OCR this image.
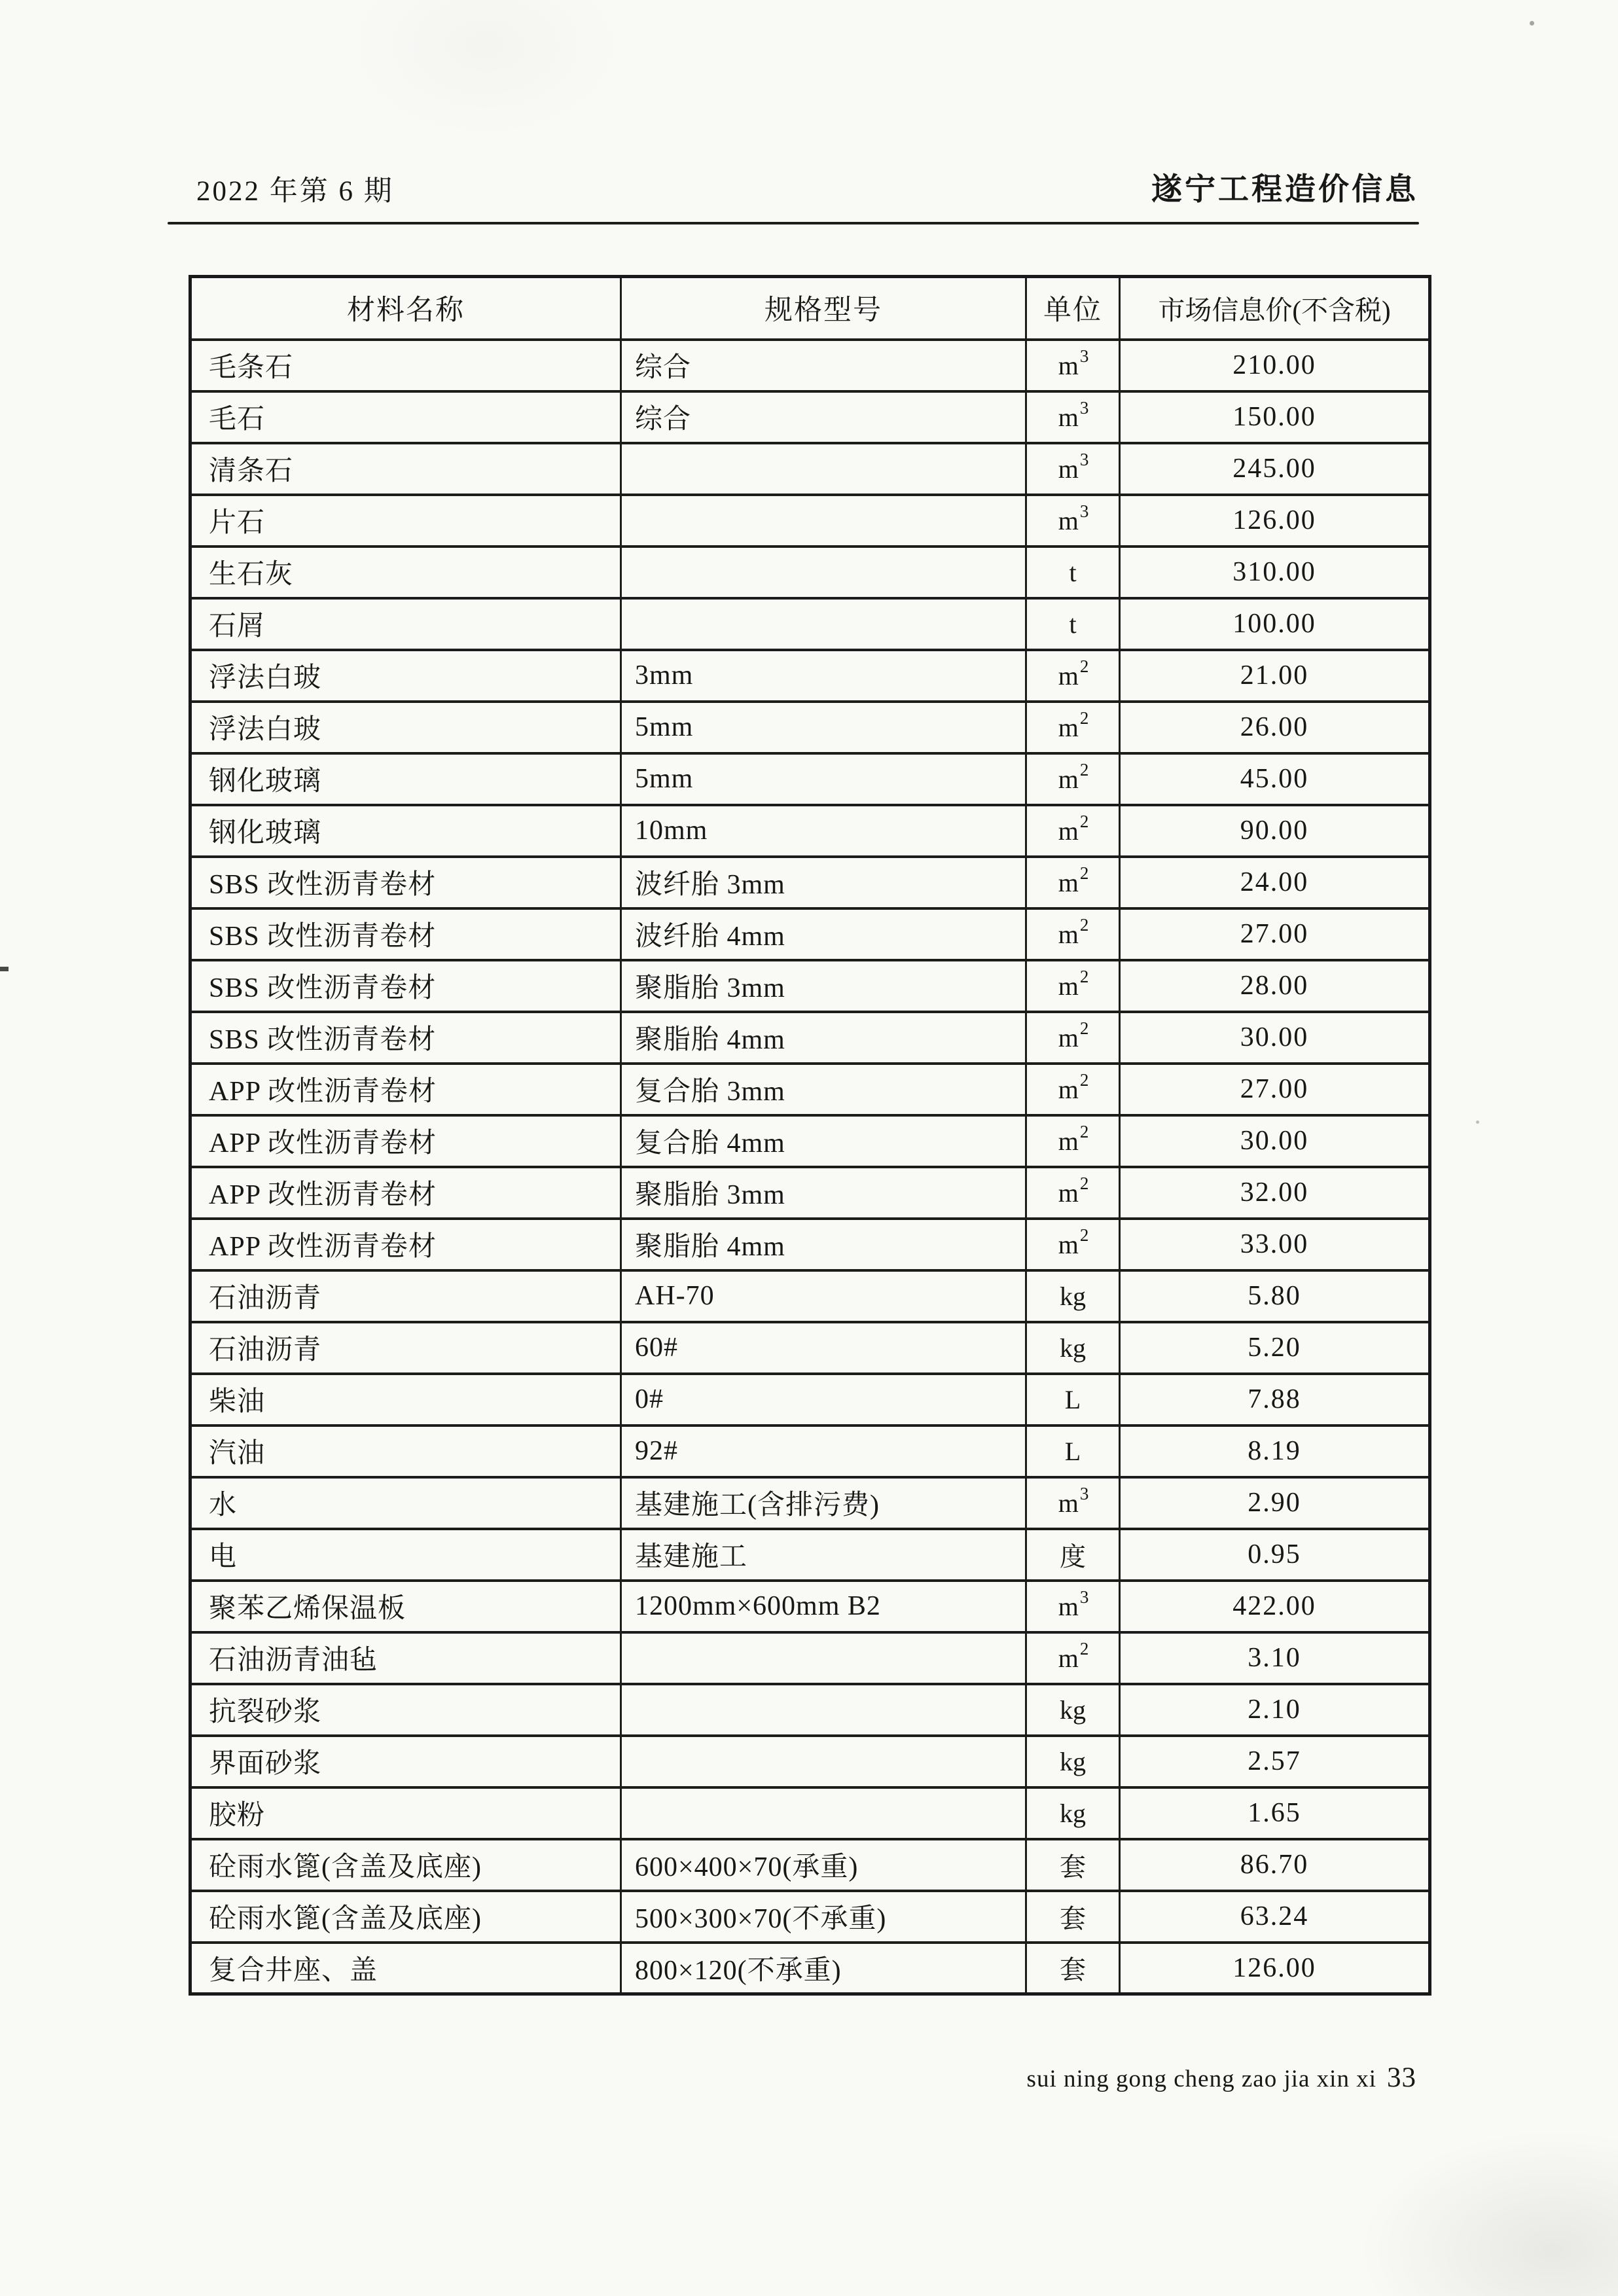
2022 年第 6 期	遂宁工程造价信息
材料名称	规格型号	单位	市场信息价(不含税)
毛条石	综合	$m^3$	210.00
毛石	综合	$m^3$	150.00
清条石		$m^3$	245.00
片石		$m^3$	126.00
生石灰		t	310.00
石屑		t	100.00
浮法白玻	3mm	$m^2$	21.00
浮法白玻	5mm	$m^2$	26.00
钢化玻璃	5mm	$m^2$	45.00
钢化玻璃	10mm	$m^2$	90.00
SBS 改性沥青卷材	波纤胎 3mm	$m^2$	24.00
SBS 改性沥青卷材	波纤胎 4mm	$m^2$	27.00
SBS 改性沥青卷材	聚脂胎 3mm	$m^2$	28.00
SBS 改性沥青卷材	聚脂胎 4mm	$m^2$	30.00
APP 改性沥青卷材	复合胎 3mm	$m^2$	27.00
APP 改性沥青卷材	复合胎 4mm	$m^2$	30.00
APP 改性沥青卷材	聚脂胎 3mm	$m^2$	32.00
APP 改性沥青卷材	聚脂胎 4mm	$m^2$	33.00
石油沥青	AH-70	kg	5.80
石油沥青	60#	kg	5.20
柴油	0#	L	7.88
汽油	92#	L	8.19
水	基建施工(含排污费)	$m^3$	2.90
电	基建施工	度	0.95
聚苯乙烯保温板	1200mm×600mm B2	$m^3$	422.00
石油沥青油毡		$m^2$	3.10
抗裂砂浆		kg	2.10
界面砂浆		kg	2.57
胶粉		kg	1.65
砼雨水篦(含盖及底座)	600×400×70(承重)	套	86.70
砼雨水篦(含盖及底座)	500×300×70(不承重)	套	63.24
复合井座、盖	800×120(不承重)	套	126.00
sui ning gong cheng zao jia xin xi 33
